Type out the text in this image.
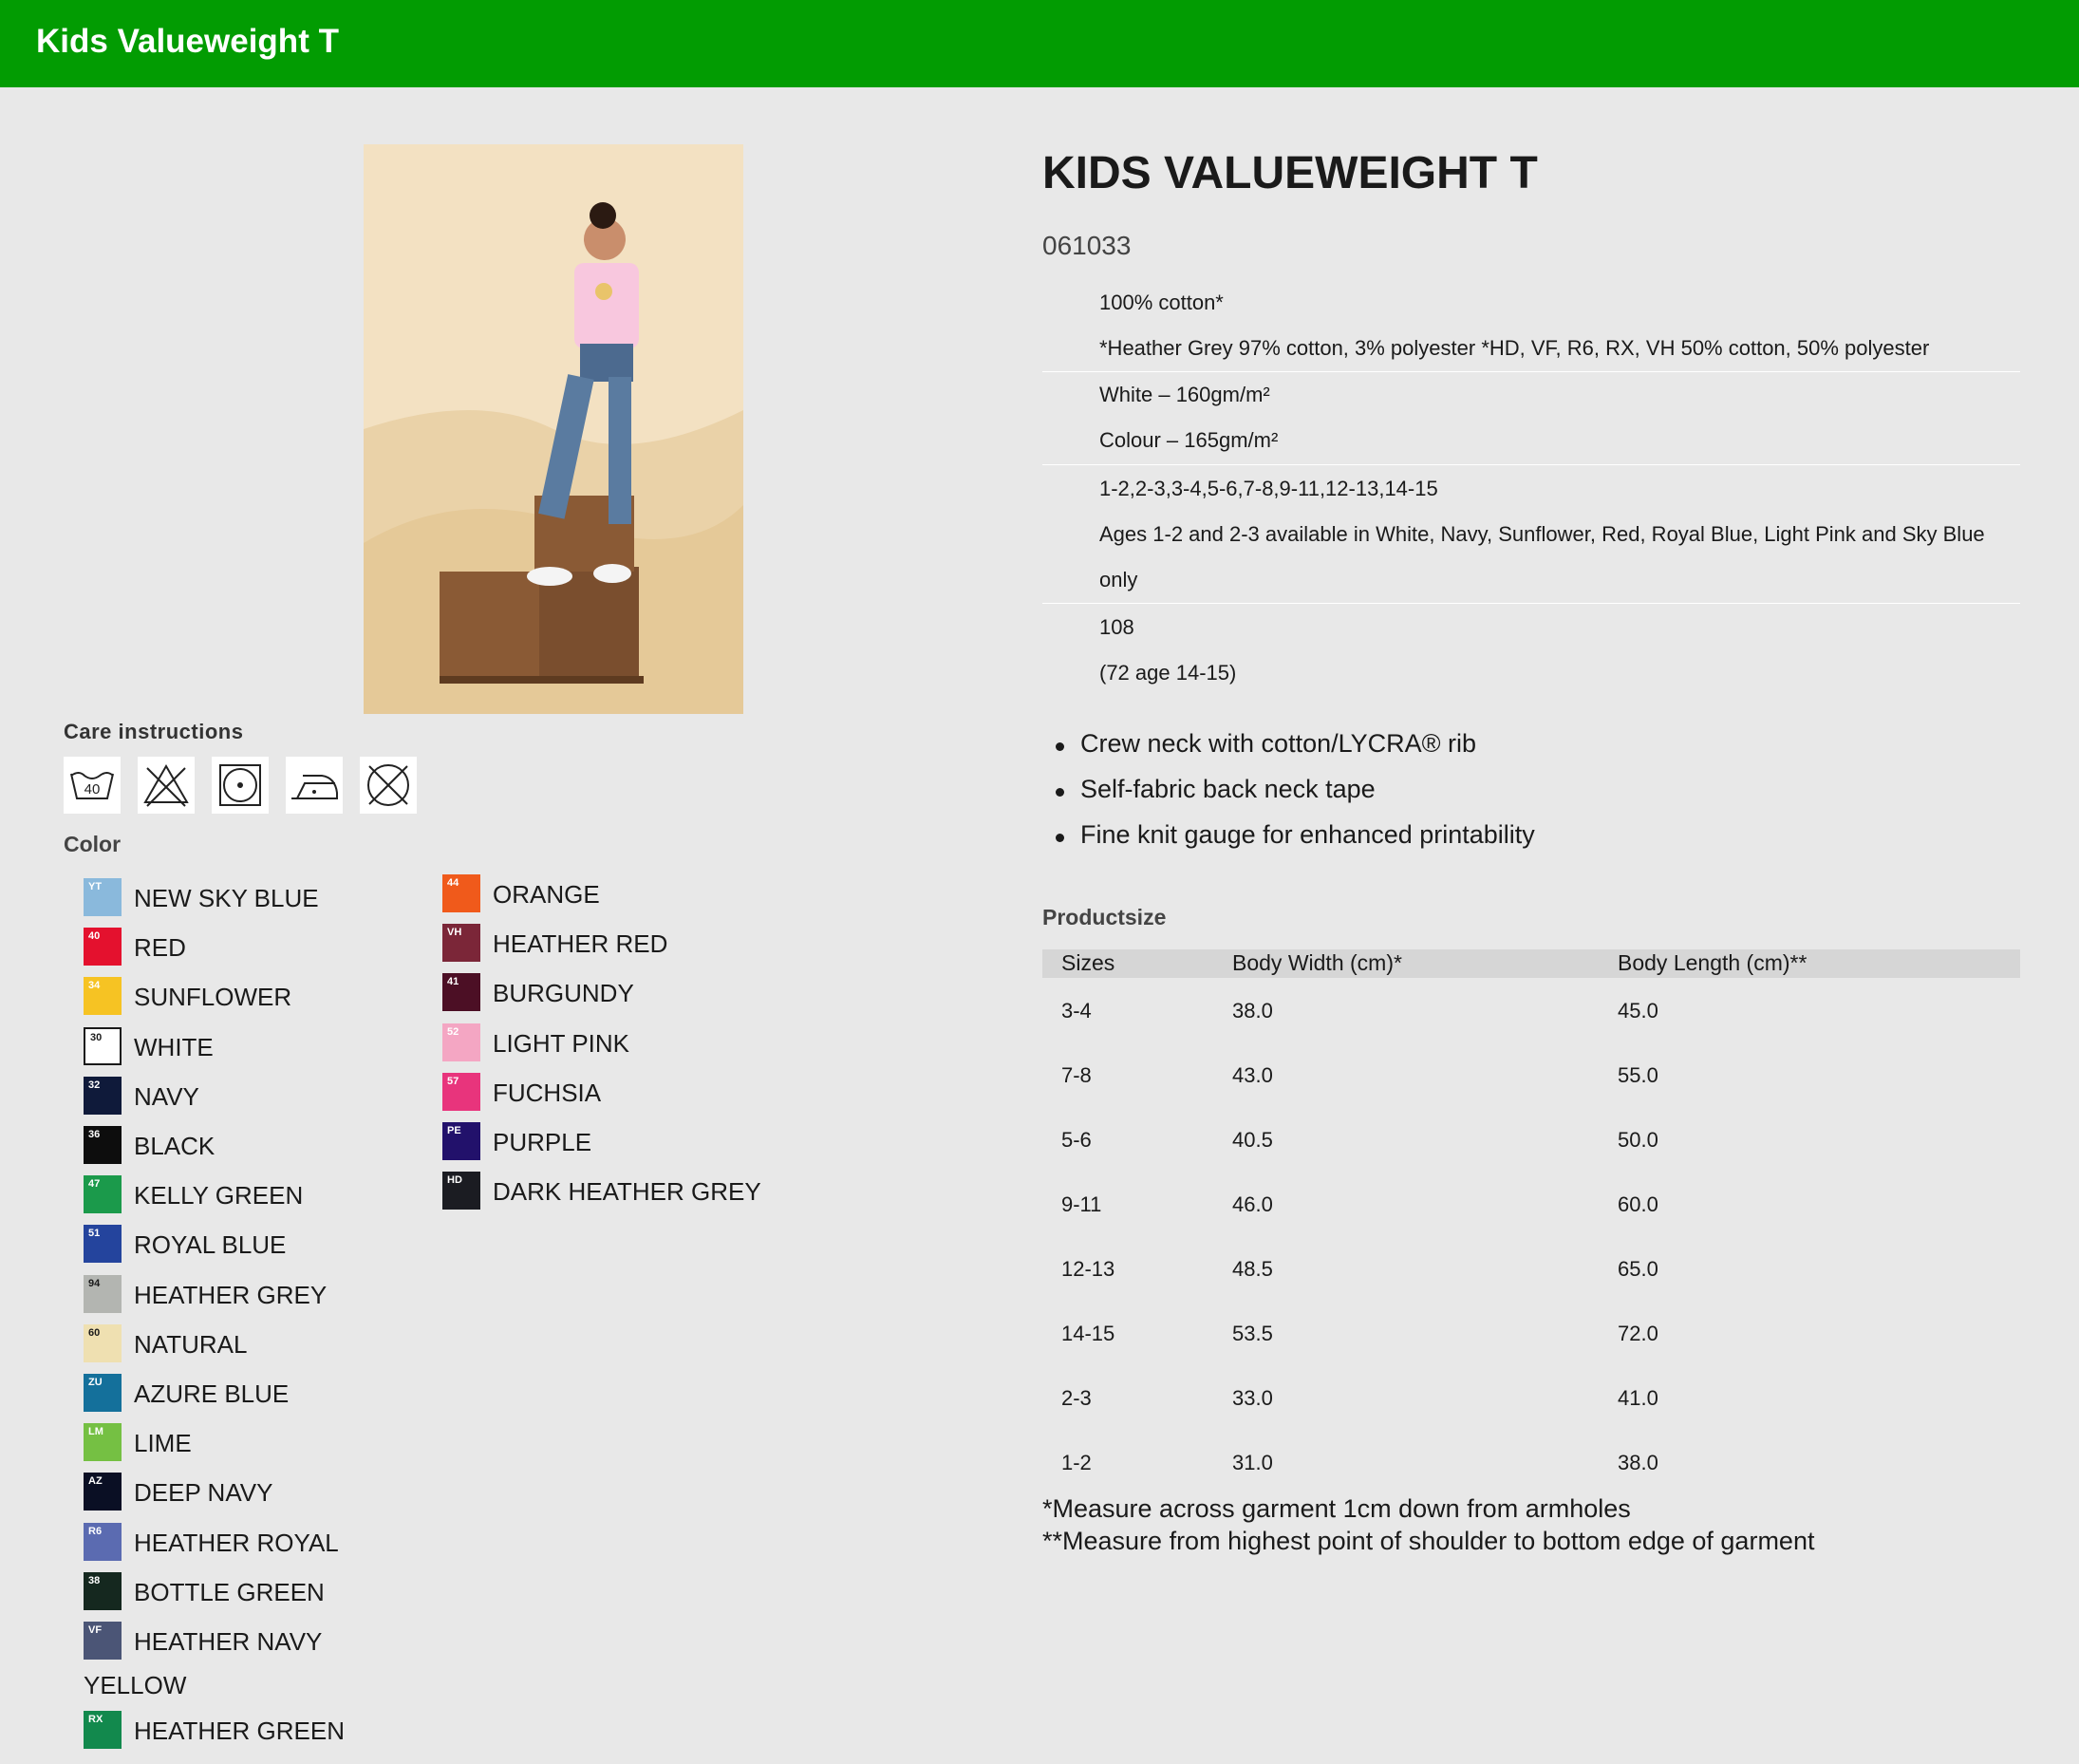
Kids Valueweight T
Care instructions
40
Color
YT NEW SKY BLUE
40 RED
34 SUNFLOWER
30 WHITE
32 NAVY
36 BLACK
47 KELLY GREEN
51 ROYAL BLUE
94 HEATHER GREY
60 NATURAL
ZU AZURE BLUE
LM LIME
AZ DEEP NAVY
R6 HEATHER ROYAL
38 BOTTLE GREEN
VF HEATHER NAVY
YELLOW
RX HEATHER GREEN
44 ORANGE
VH HEATHER RED
41 BURGUNDY
52 LIGHT PINK
57 FUCHSIA
PE PURPLE
HD DARK HEATHER GREY
KIDS VALUEWEIGHT T
061033
100% cotton*
*Heather Grey 97% cotton, 3% polyester *HD, VF, R6, RX, VH 50% cotton, 50% polyester
White – 160gm/m²
Colour – 165gm/m²
1-2,2-3,3-4,5-6,7-8,9-11,12-13,14-15
Ages 1-2 and 2-3 available in White, Navy, Sunflower, Red, Royal Blue, Light Pink and Sky Blue
only
108
(72 age 14-15)
Crew neck with cotton/LYCRA® rib
Self-fabric back neck tape
Fine knit gauge for enhanced printability
Productsize
Sizes	Body Width (cm)*	Body Length (cm)**
3-4	38.0	45.0
7-8	43.0	55.0
5-6	40.5	50.0
9-11	46.0	60.0
12-13	48.5	65.0
14-15	53.5	72.0
2-3	33.0	41.0
1-2	31.0	38.0
*Measure across garment 1cm down from armholes
**Measure from highest point of shoulder to bottom edge of garment
